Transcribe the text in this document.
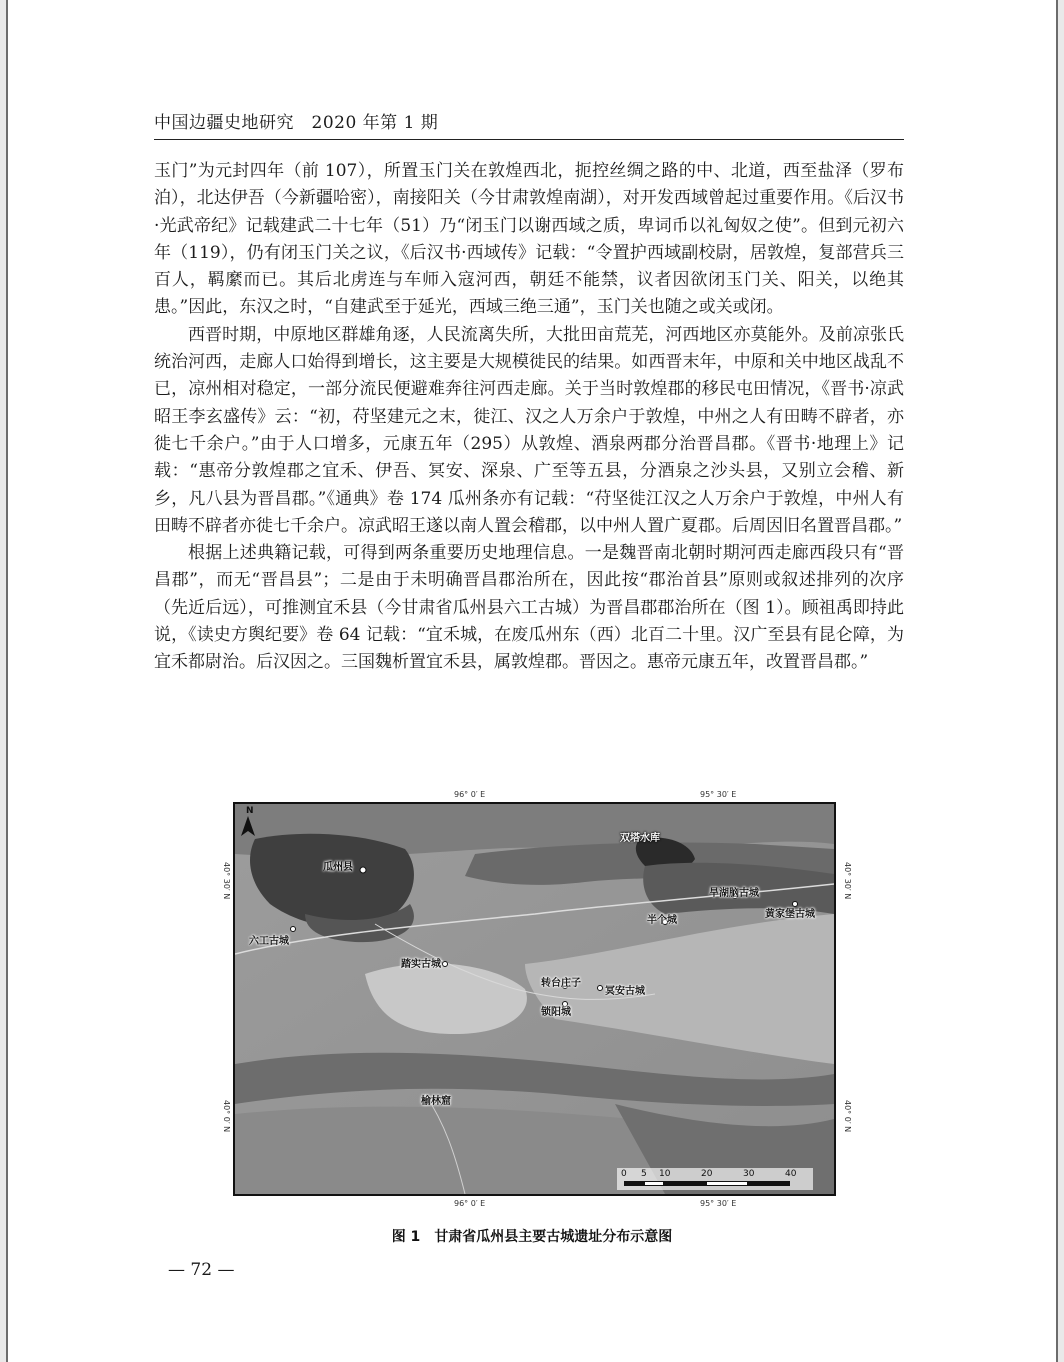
中国边疆史地研究　2020 年第 1 期

玉门”为元封四年（前 107），所置玉门关在敦煌西北，扼控丝绸之路的中、北道，西至盐泽（罗布泊），北达伊吾（今新疆哈密），南接阳关（今甘肃敦煌南湖），对开发西域曾起过重要作用。《后汉书·光武帝纪》记载建武二十七年（51）乃“闭玉门以谢西域之质，卑词币以礼匈奴之使”。但到元初六年（119），仍有闭玉门关之议，《后汉书·西域传》记载：“令置护西域副校尉，居敦煌，复部营兵三百人，羁縻而已。其后北虏连与车师入寇河西，朝廷不能禁，议者因欲闭玉门关、阳关，以绝其患。”因此，东汉之时，“自建武至于延光，西域三绝三通”，玉门关也随之或关或闭。

西晋时期，中原地区群雄角逐，人民流离失所，大批田亩荒芜，河西地区亦莫能外。及前凉张氏统治河西，走廊人口始得到增长，这主要是大规模徙民的结果。如西晋末年，中原和关中地区战乱不已，凉州相对稳定，一部分流民便避难奔往河西走廊。关于当时敦煌郡的移民屯田情况，《晋书·凉武昭王李玄盛传》云：“初，苻坚建元之末，徙江、汉之人万余户于敦煌，中州之人有田畴不辟者，亦徙七千余户。”由于人口增多，元康五年（295）从敦煌、酒泉两郡分治晋昌郡。《晋书·地理上》记载：“惠帝分敦煌郡之宜禾、伊吾、冥安、深泉、广至等五县，分酒泉之沙头县，又别立会稽、新乡，凡八县为晋昌郡。”《通典》卷 174 瓜州条亦有记载：“苻坚徙江汉之人万余户于敦煌，中州人有田畴不辟者亦徙七千余户。凉武昭王遂以南人置会稽郡，以中州人置广夏郡。后周因旧名置晋昌郡。”

根据上述典籍记载，可得到两条重要历史地理信息。一是魏晋南北朝时期河西走廊西段只有“晋昌郡”，而无“晋昌县”；二是由于未明确晋昌郡治所在，因此按“郡治首县”原则或叙述排列的次序（先近后远），可推测宜禾县（今甘肃省瓜州县六工古城）为晋昌郡郡治所在（图 1）。顾祖禹即持此说，《读史方舆纪要》卷 64 记载：“宜禾城，在废瓜州东（西）北百二十里。汉广至县有昆仑障，为宜禾都尉治。后汉因之。三国魏析置宜禾县，属敦煌郡。晋因之。惠帝元康五年，改置晋昌郡。”

N
瓜州县
六工古城
双塔水库
旱湖脑古城
黄家堡古城
半个城
踏实古城
转台庄子
冥安古城
锁阳城
榆林窟
0 5 10	20	30	40
96° 0′ E	95° 30′ E
96° 0′ E	95° 30′ E
40° 30′ N
40° 0′ N
40° 30′ N
40° 0′ N
图 1 甘肃省瓜州县主要古城遗址分布示意图
— 72 —
